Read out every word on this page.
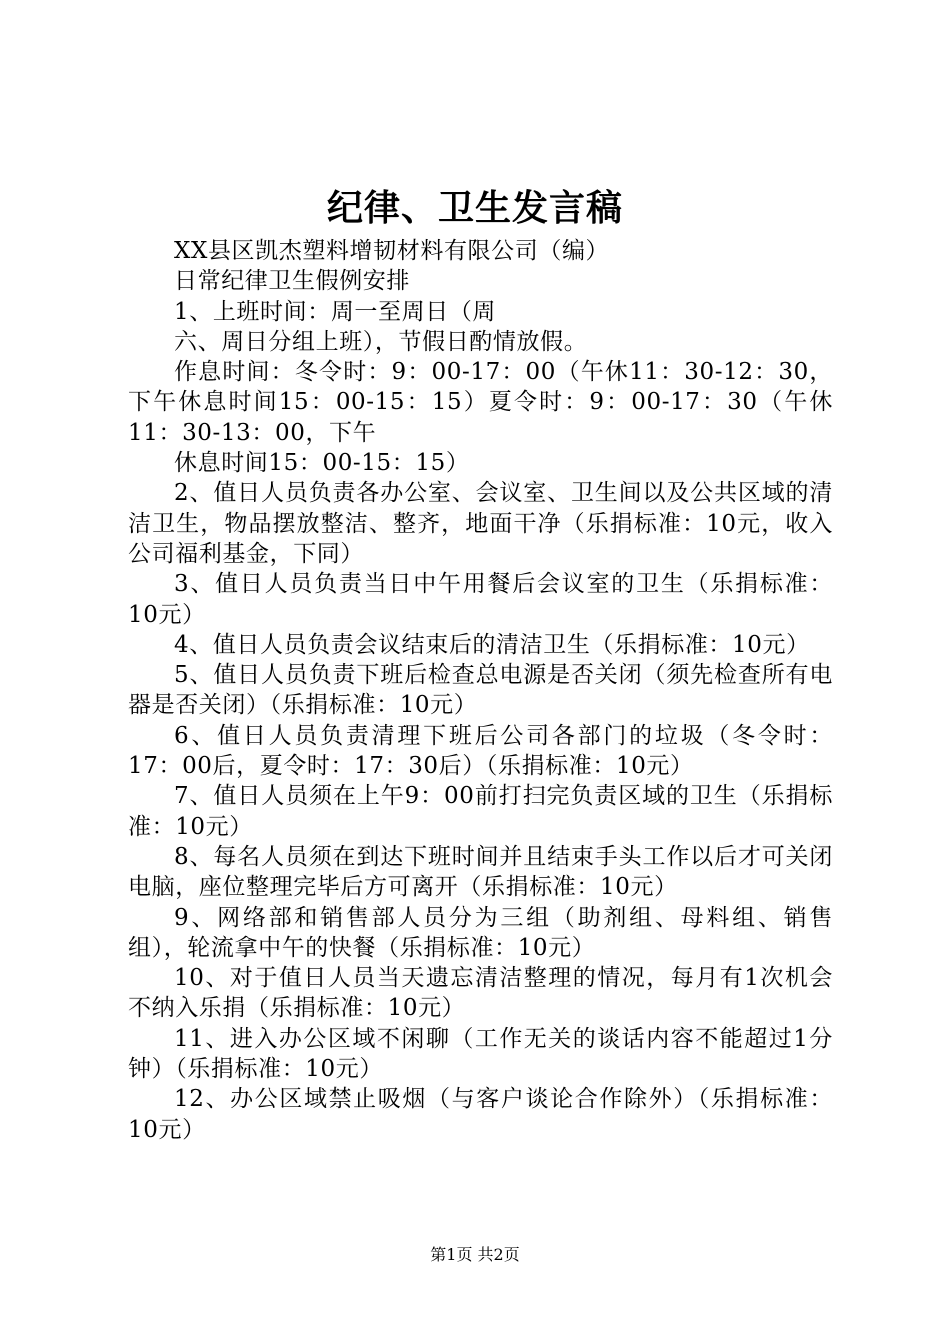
纪律、卫生发言稿

XX县区凯杰塑料增韧材料有限公司（编）

日常纪律卫生假例安排

1、上班时间：周一至周日（周

六、周日分组上班），节假日酌情放假。

作息时间：冬令时：9：00-17：00（午休11：30-12：30，下午休息时间15：00-15：15）夏令时：9：00-17：30（午休11：30-13：00，下午

休息时间15：00-15：15）

2、值日人员负责各办公室、会议室、卫生间以及公共区域的清洁卫生，物品摆放整洁、整齐，地面干净（乐捐标准：10元，收入公司福利基金，下同）

3、值日人员负责当日中午用餐后会议室的卫生（乐捐标准：10元）

4、值日人员负责会议结束后的清洁卫生（乐捐标准：10元）

5、值日人员负责下班后检查总电源是否关闭（须先检查所有电器是否关闭）（乐捐标准：10元）

6、值日人员负责清理下班后公司各部门的垃圾（冬令时：17：00后，夏令时：17：30后）（乐捐标准：10元）

7、值日人员须在上午9：00前打扫完负责区域的卫生（乐捐标准：10元）

8、每名人员须在到达下班时间并且结束手头工作以后才可关闭电脑，座位整理完毕后方可离开（乐捐标准：10元）

9、网络部和销售部人员分为三组（助剂组、母料组、销售组），轮流拿中午的快餐（乐捐标准：10元）

10、对于值日人员当天遗忘清洁整理的情况，每月有1次机会不纳入乐捐（乐捐标准：10元）

11、进入办公区域不闲聊（工作无关的谈话内容不能超过1分钟）（乐捐标准：10元）

12、办公区域禁止吸烟（与客户谈论合作除外）（乐捐标准：10元）

第1页 共2页
